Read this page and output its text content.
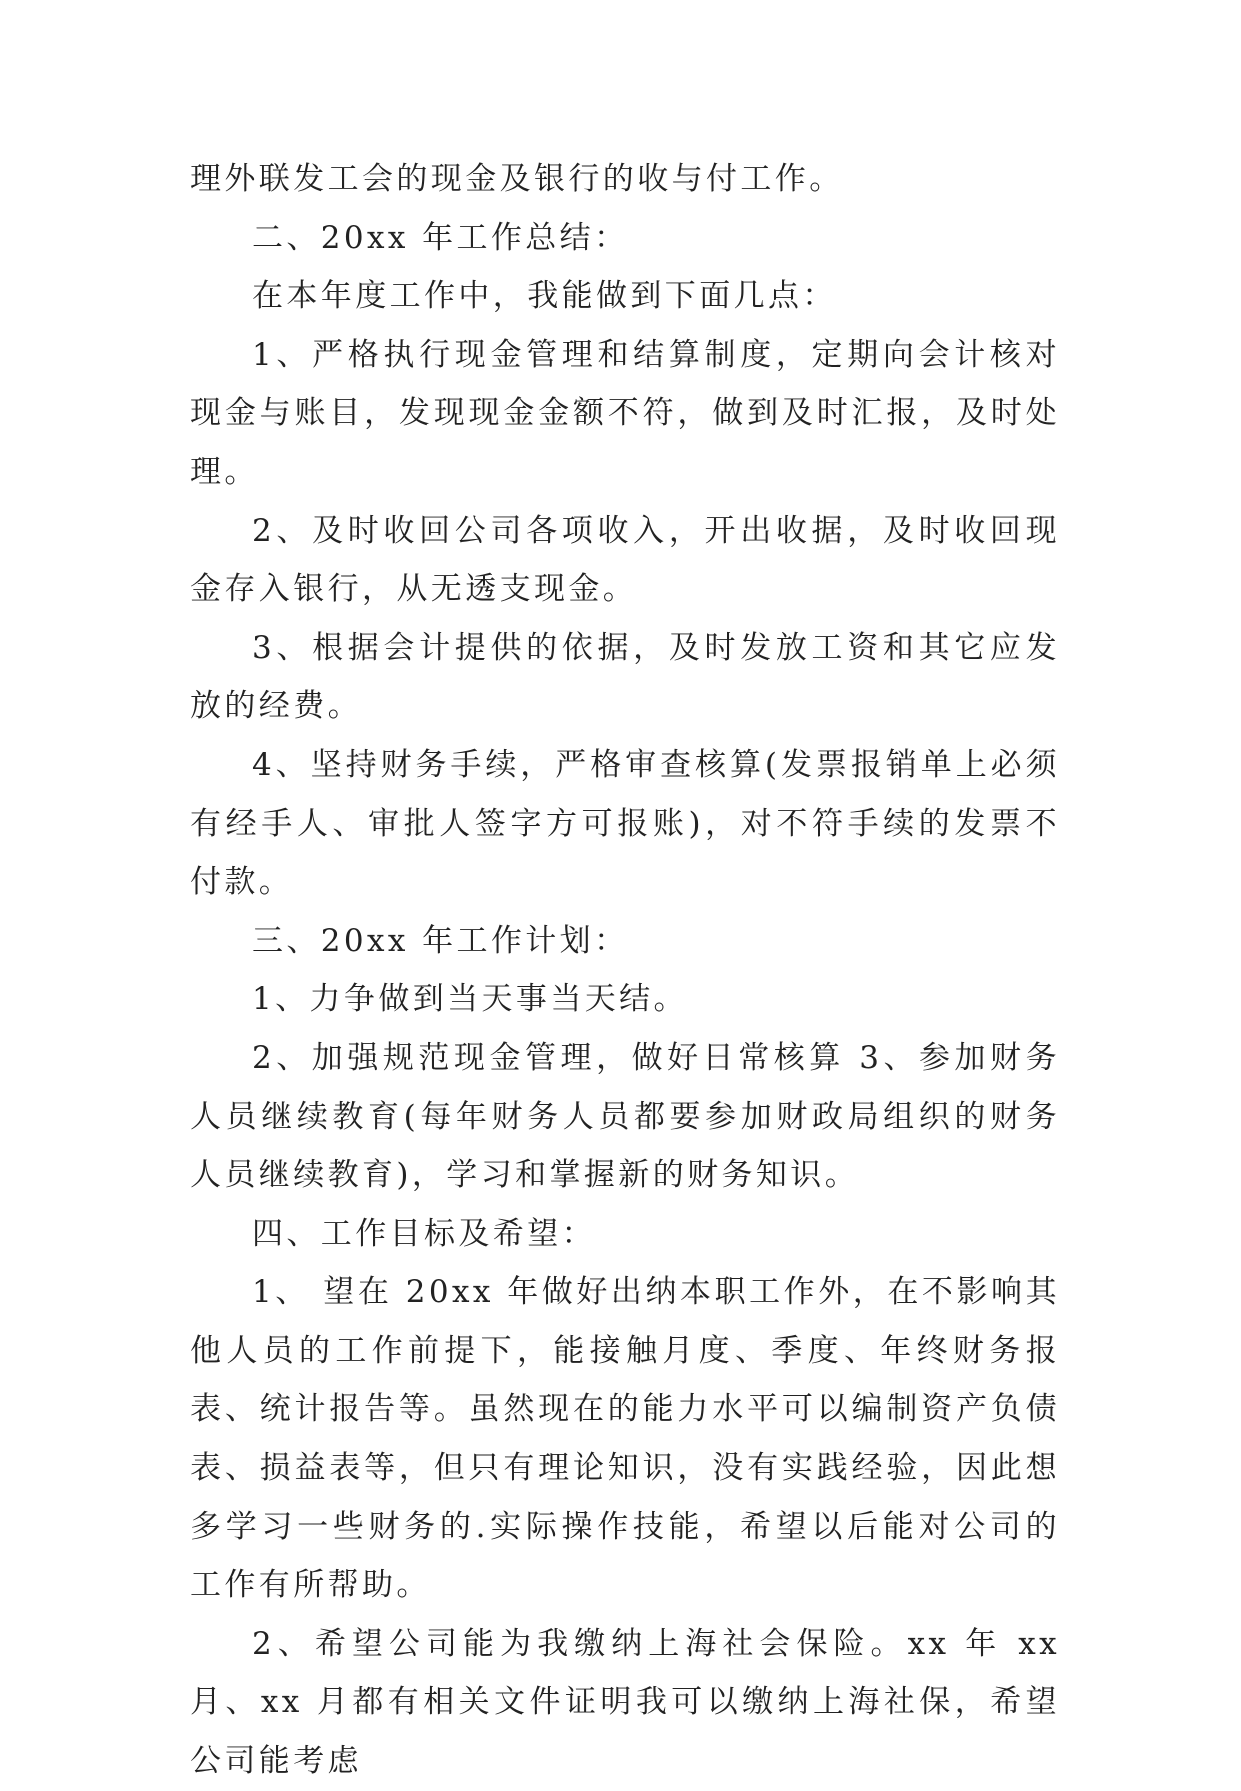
理外联发工会的现金及银行的收与付工作。

二、20xx 年工作总结：

在本年度工作中，我能做到下面几点：

1、严格执行现金管理和结算制度，定期向会计核对现金与账目，发现现金金额不符，做到及时汇报，及时处理。

2、及时收回公司各项收入，开出收据，及时收回现金存入银行，从无透支现金。

3、根据会计提供的依据，及时发放工资和其它应发放的经费。

4、坚持财务手续，严格审查核算(发票报销单上必须有经手人、审批人签字方可报账)，对不符手续的发票不付款。

三、20xx 年工作计划：

1、力争做到当天事当天结。

2、加强规范现金管理，做好日常核算 3、参加财务人员继续教育(每年财务人员都要参加财政局组织的财务人员继续教育)，学习和掌握新的财务知识。

四、工作目标及希望：

1、 望在 20xx 年做好出纳本职工作外，在不影响其他人员的工作前提下，能接触月度、季度、年终财务报表、统计报告等。虽然现在的能力水平可以编制资产负债表、损益表等，但只有理论知识，没有实践经验，因此想多学习一些财务的.实际操作技能，希望以后能对公司的工作有所帮助。

2、希望公司能为我缴纳上海社会保险。xx 年 xx 月、xx 月都有相关文件证明我可以缴纳上海社保，希望公司能考虑
